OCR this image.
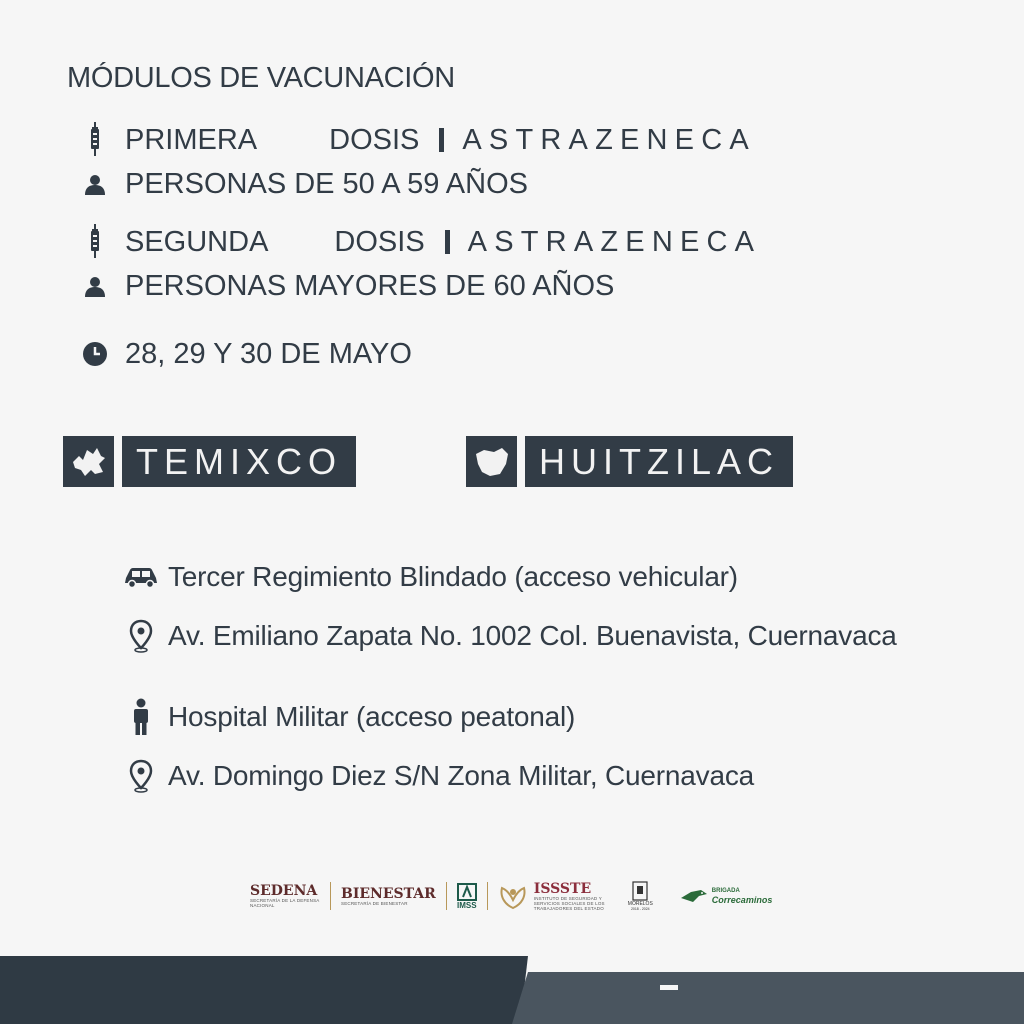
MÓDULOS DE VACUNACIÓN
PRIMERA DOSIS ASTRAZENECA
PERSONAS DE 50 A 59 AÑOS
SEGUNDA DOSIS ASTRAZENECA
PERSONAS MAYORES DE 60 AÑOS
28, 29 Y 30 DE MAYO
TEMIXCO	HUITZILAC
Tercer Regimiento Blindado (acceso vehicular)
Av. Emiliano Zapata No. 1002 Col. Buenavista, Cuernavaca
Hospital Militar (acceso peatonal)
Av. Domingo Diez S/N Zona Militar, Cuernavaca
SEDENA
SECRETARÍA DE LA DEFENSA NACIONAL
BIENESTAR
SECRETARÍA DE BIENESTAR	IMSS
ISSSTE
INSTITUTO DE SEGURIDAD Y SERVICIOS SOCIALES DE LOS TRABAJADORES DEL ESTADO
MORELOS
2018 - 2024
BRIGADA
Correcaminos
